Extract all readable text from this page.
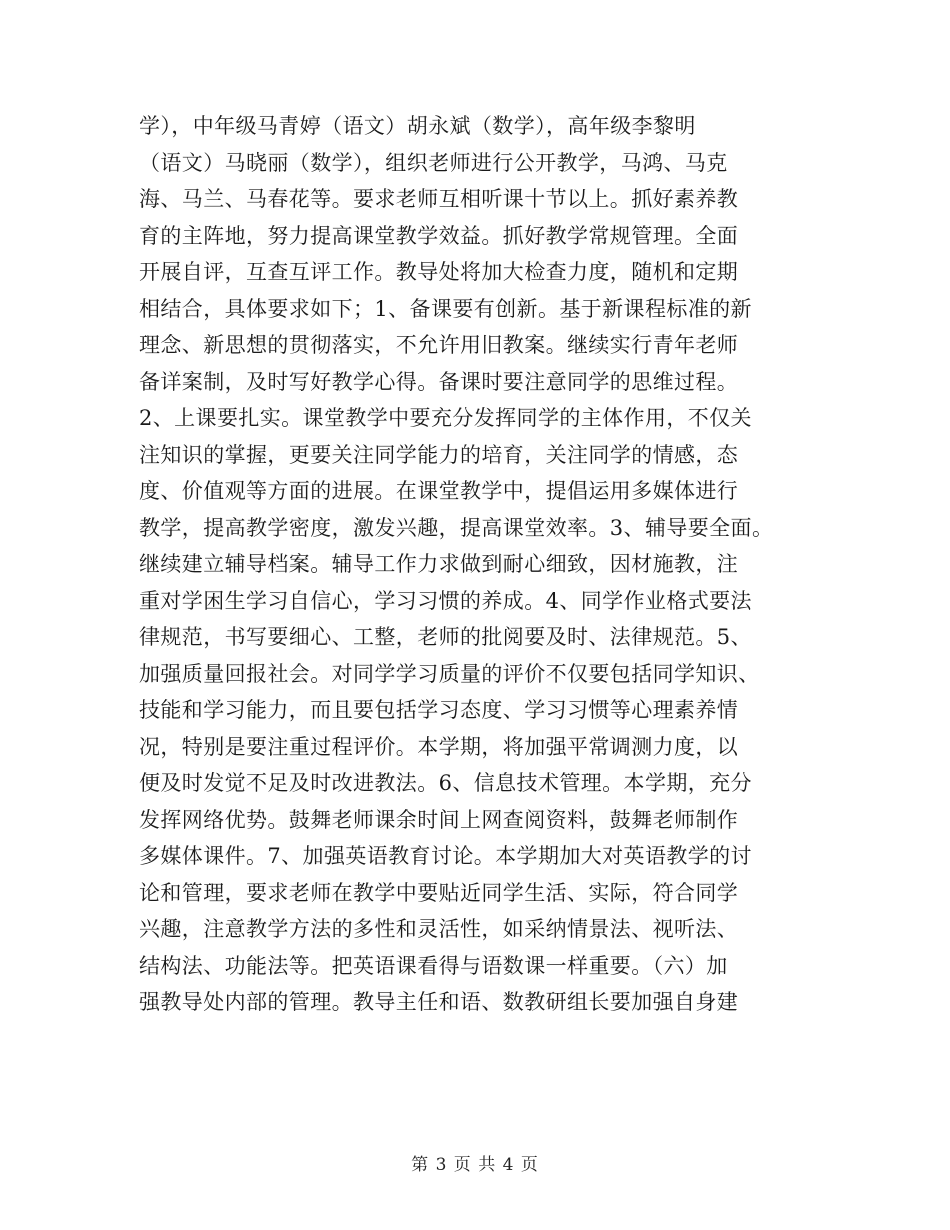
学），中年级马青婷（语文）胡永斌（数学），高年级李黎明
（语文）马晓丽（数学），组织老师进行公开教学，马鸿、马克
海、马兰、马春花等。要求老师互相听课十节以上。抓好素养教
育的主阵地，努力提高课堂教学效益。抓好教学常规管理。全面
开展自评，互查互评工作。教导处将加大检查力度，随机和定期
相结合，具体要求如下；1、备课要有创新。基于新课程标准的新
理念、新思想的贯彻落实，不允许用旧教案。继续实行青年老师
备详案制，及时写好教学心得。备课时要注意同学的思维过程。
2、上课要扎实。课堂教学中要充分发挥同学的主体作用，不仅关
注知识的掌握，更要关注同学能力的培育，关注同学的情感，态
度、价值观等方面的进展。在课堂教学中，提倡运用多媒体进行
教学，提高教学密度，激发兴趣，提高课堂效率。3、辅导要全面。
继续建立辅导档案。辅导工作力求做到耐心细致，因材施教，注
重对学困生学习自信心，学习习惯的养成。4、同学作业格式要法
律规范，书写要细心、工整，老师的批阅要及时、法律规范。5、
加强质量回报社会。对同学学习质量的评价不仅要包括同学知识、
技能和学习能力，而且要包括学习态度、学习习惯等心理素养情
况，特别是要注重过程评价。本学期，将加强平常调测力度，以
便及时发觉不足及时改进教法。6、信息技术管理。本学期，充分
发挥网络优势。鼓舞老师课余时间上网查阅资料，鼓舞老师制作
多媒体课件。7、加强英语教育讨论。本学期加大对英语教学的讨
论和管理，要求老师在教学中要贴近同学生活、实际，符合同学
兴趣，注意教学方法的多性和灵活性，如采纳情景法、视听法、
结构法、功能法等。把英语课看得与语数课一样重要。（六）加
强教导处内部的管理。教导主任和语、数教研组长要加强自身建
第 3 页 共 4 页
